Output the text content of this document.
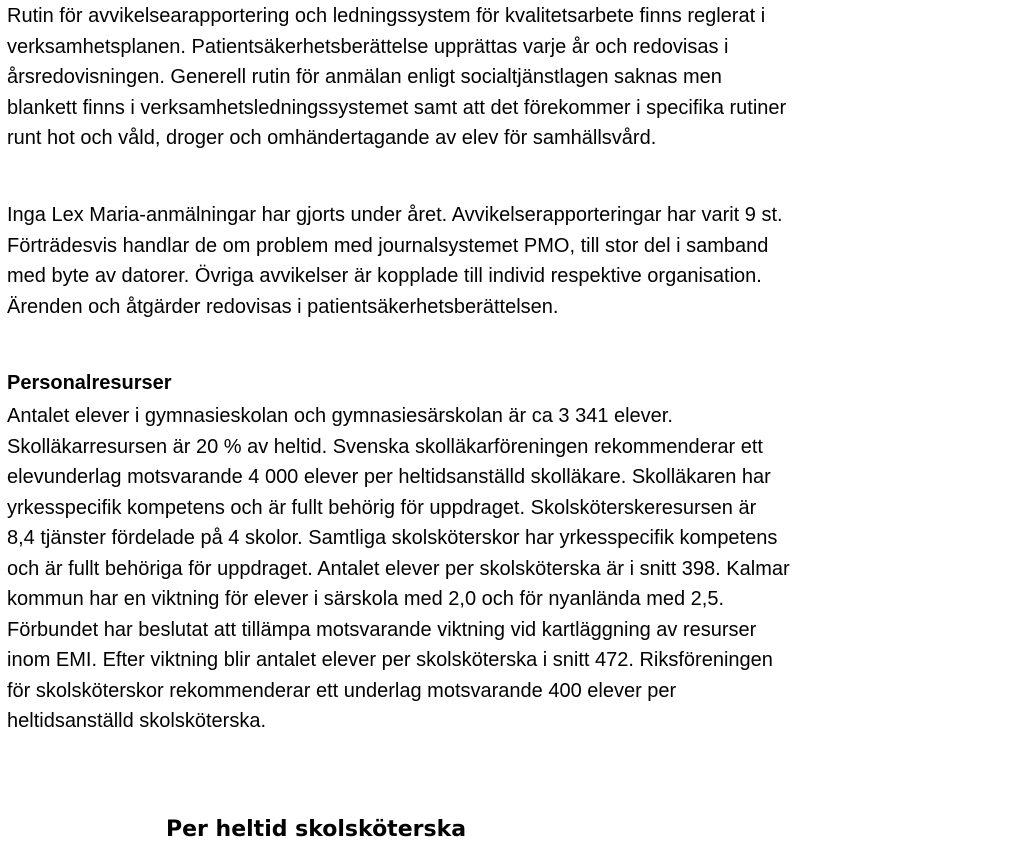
Rutin för avvikelsearapportering och ledningssystem för kvalitetsarbete finns reglerat i
verksamhetsplanen. Patientsäkerhetsberättelse upprättas varje år och redovisas i
årsredovisningen. Generell rutin för anmälan enligt socialtjänstlagen saknas men
blankett finns i verksamhetsledningssystemet samt att det förekommer i specifika rutiner
runt hot och våld, droger och omhändertagande av elev för samhällsvård.

Inga Lex Maria-anmälningar har gjorts under året. Avvikelserapporteringar har varit 9 st.
Förträdesvis handlar de om problem med journalsystemet PMO, till stor del i samband
med byte av datorer. Övriga avvikelser är kopplade till individ respektive organisation.
Ärenden och åtgärder redovisas i patientsäkerhetsberättelsen.

Personalresurser

Antalet elever i gymnasieskolan och gymnasiesärskolan är ca 3 341 elever.
Skolläkarresursen är 20 % av heltid. Svenska skolläkarföreningen rekommenderar ett
elevunderlag motsvarande 4 000 elever per heltidsanställd skolläkare. Skolläkaren har
yrkesspecifik kompetens och är fullt behörig för uppdraget. Skolsköterskeresursen är
8,4 tjänster fördelade på 4 skolor. Samtliga skolsköterskor har yrkesspecifik kompetens
och är fullt behöriga för uppdraget. Antalet elever per skolsköterska är i snitt 398. Kalmar
kommun har en viktning för elever i särskola med 2,0 och för nyanlända med 2,5.
Förbundet har beslutat att tillämpa motsvarande viktning vid kartläggning av resurser
inom EMI. Efter viktning blir antalet elever per skolsköterska i snitt 472. Riksföreningen
för skolsköterskor rekommenderar ett underlag motsvarande 400 elever per
heltidsanställd skolsköterska.

Per heltid skolsköterska
